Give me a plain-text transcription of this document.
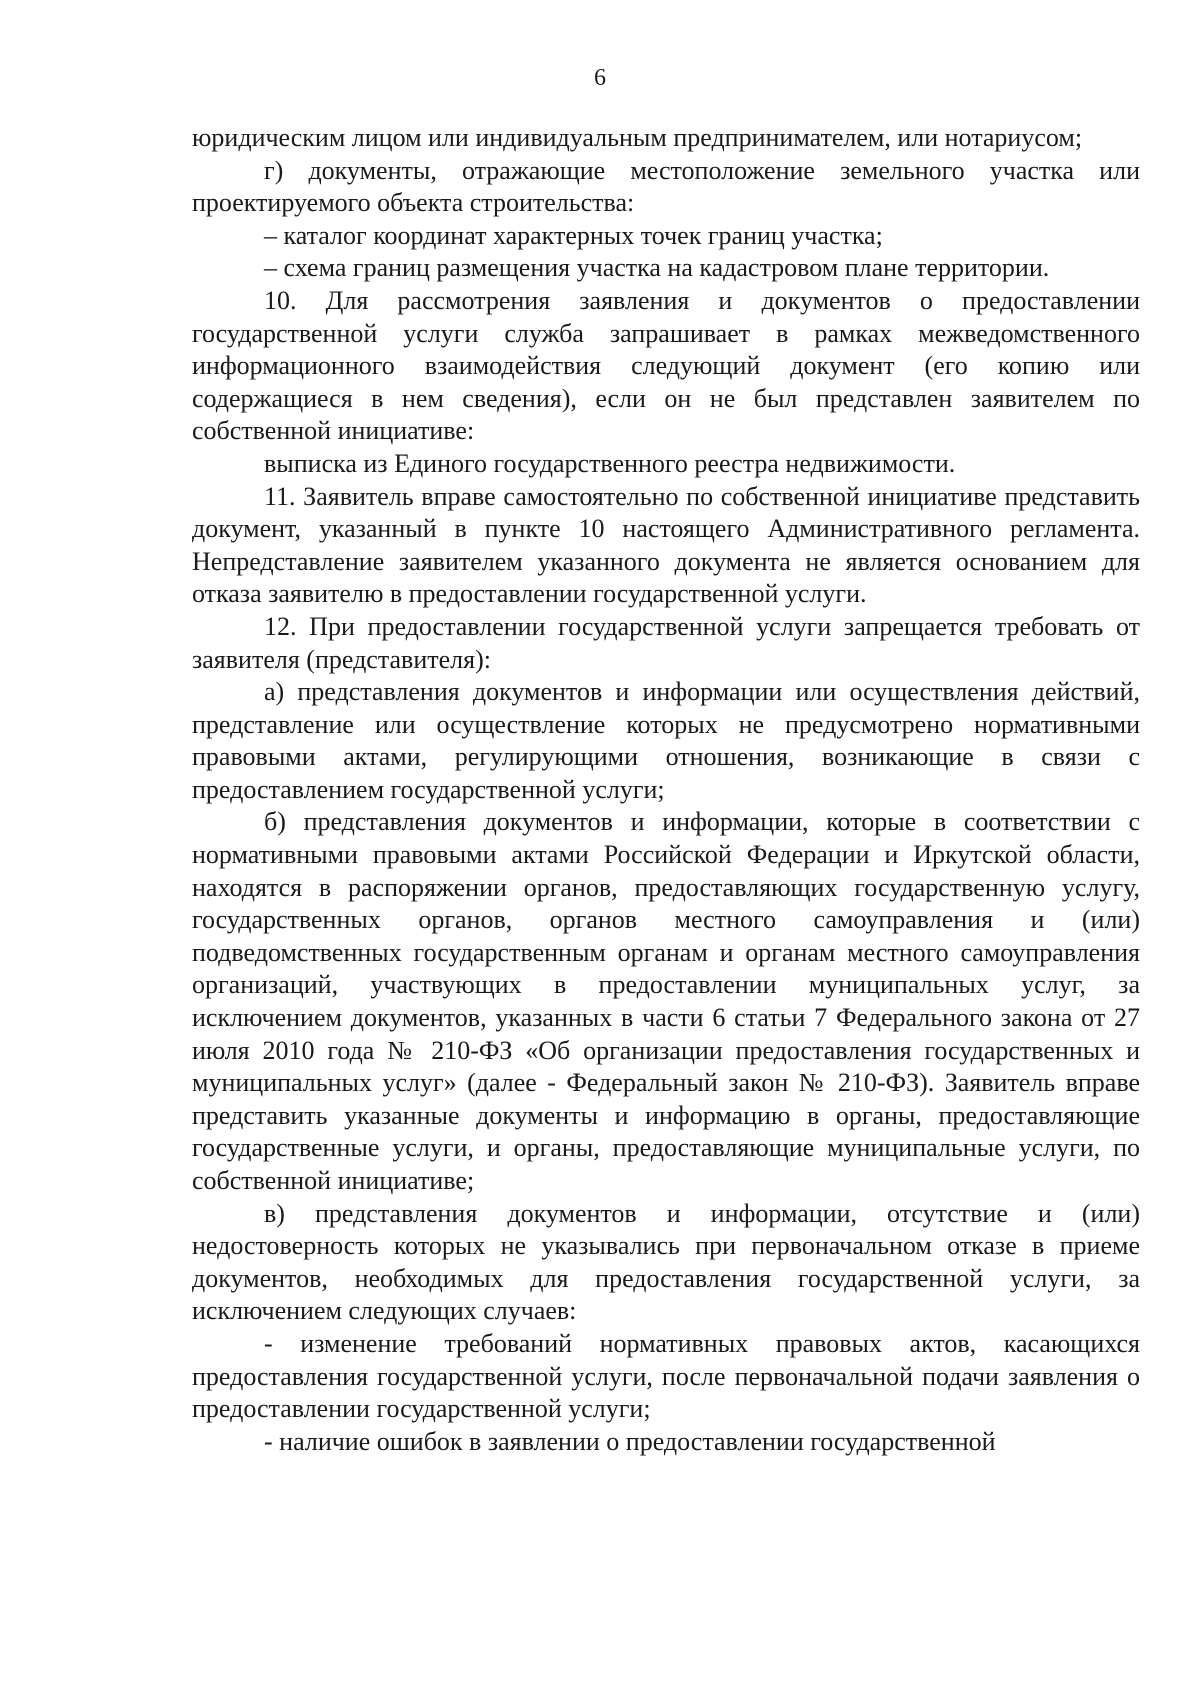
6

юридическим лицом или индивидуальным предпринимателем, или нотариусом;

г) документы, отражающие местоположение земельного участка или проектируемого объекта строительства:

– каталог координат характерных точек границ участка;

– схема границ размещения участка на кадастровом плане территории.

10. Для рассмотрения заявления и документов о предоставлении государственной услуги служба запрашивает в рамках межведомственного информационного взаимодействия следующий документ (его копию или содержащиеся в нем сведения), если он не был представлен заявителем по собственной инициативе:

выписка из Единого государственного реестра недвижимости.

11. Заявитель вправе самостоятельно по собственной инициативе представить документ, указанный в пункте 10 настоящего Административного регламента. Непредставление заявителем указанного документа не является основанием для отказа заявителю в предоставлении государственной услуги.

12. При предоставлении государственной услуги запрещается требовать от заявителя (представителя):

а) представления документов и информации или осуществления действий, представление или осуществление которых не предусмотрено нормативными правовыми актами, регулирующими отношения, возникающие в связи с предоставлением государственной услуги;

б) представления документов и информации, которые в соответствии с нормативными правовыми актами Российской Федерации и Иркутской области, находятся в распоряжении органов, предоставляющих государственную услугу, государственных органов, органов местного самоуправления и (или) подведомственных государственным органам и органам местного самоуправления организаций, участвующих в предоставлении муниципальных услуг, за исключением документов, указанных в части 6 статьи 7 Федерального закона от 27 июля 2010 года № 210-ФЗ «Об организации предоставления государственных и муниципальных услуг» (далее - Федеральный закон № 210-ФЗ). Заявитель вправе представить указанные документы и информацию в органы, предоставляющие государственные услуги, и органы, предоставляющие муниципальные услуги, по собственной инициативе;

в) представления документов и информации, отсутствие и (или) недостоверность которых не указывались при первоначальном отказе в приеме документов, необходимых для предоставления государственной услуги, за исключением следующих случаев:

- изменение требований нормативных правовых актов, касающихся предоставления государственной услуги, после первоначальной подачи заявления о предоставлении государственной услуги;

- наличие ошибок в заявлении о предоставлении государственной
